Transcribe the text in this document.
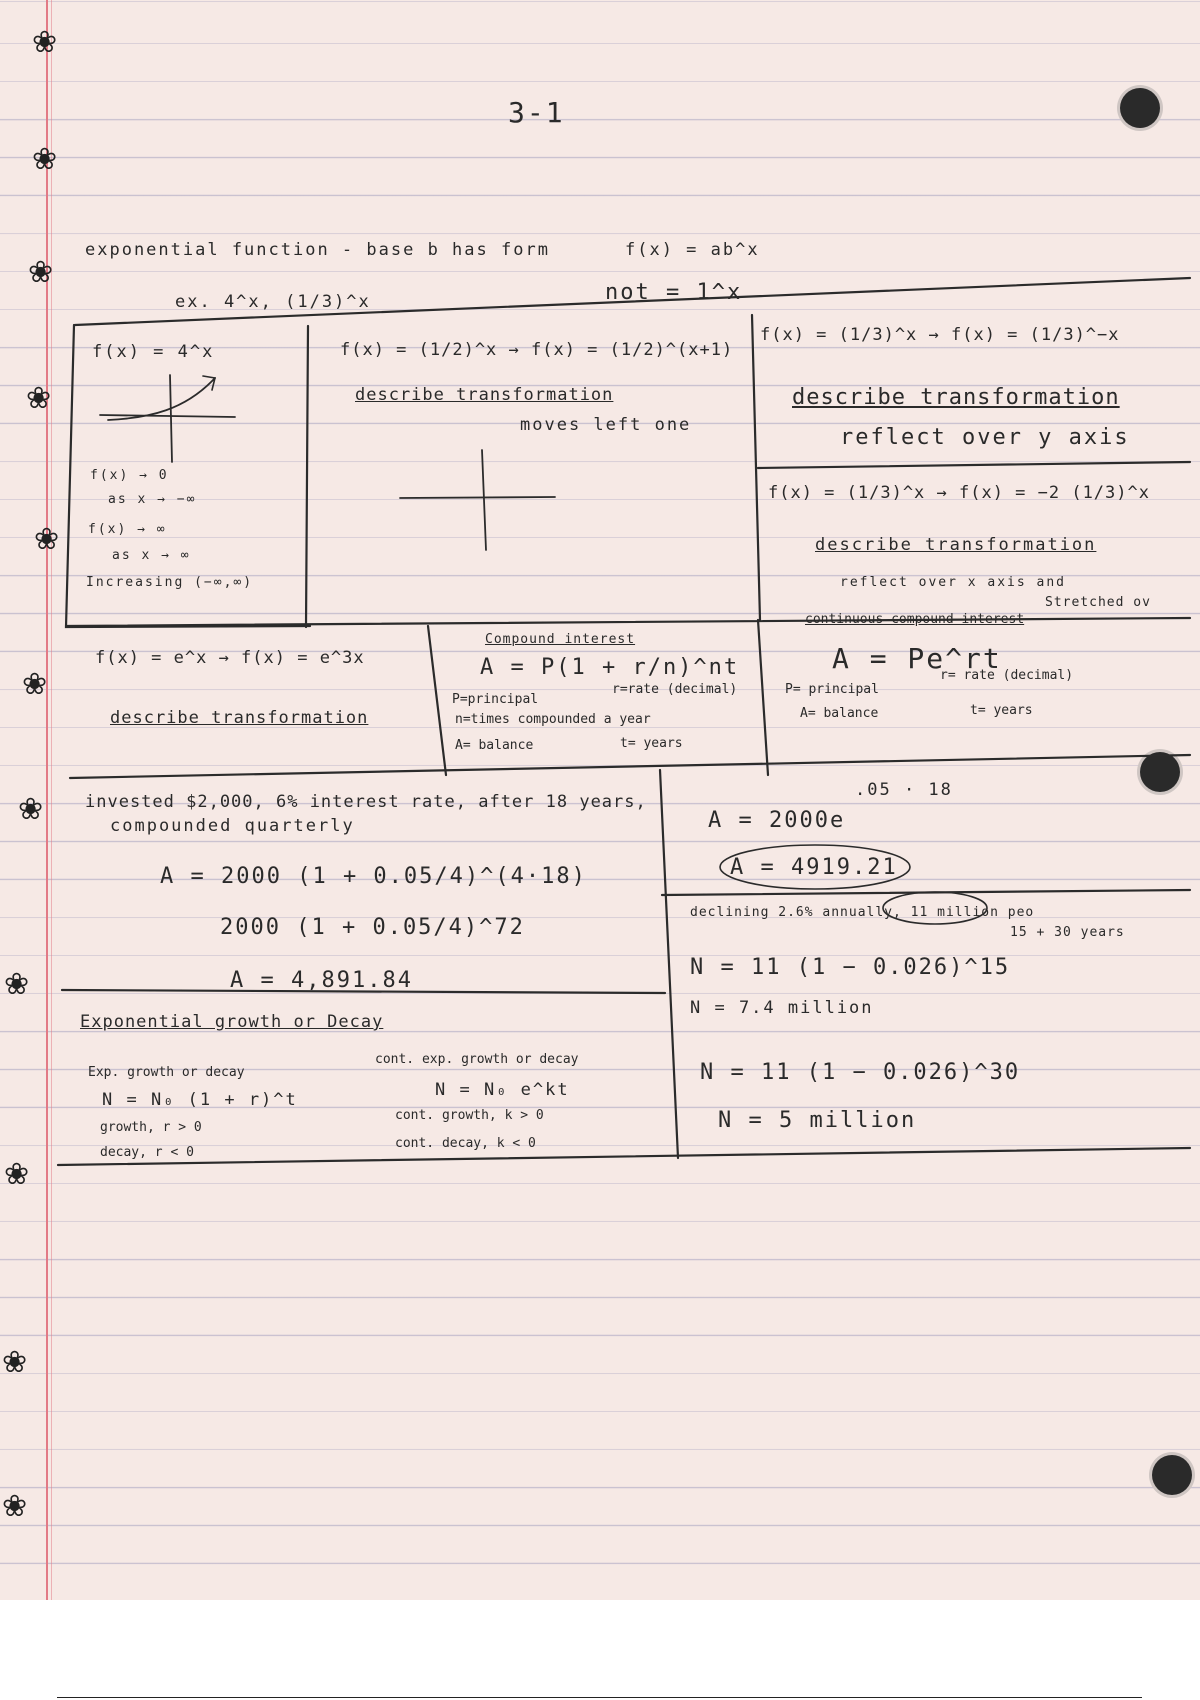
❀
❀
❀
❀
❀
❀
❀
❀
❀
❀
❀
3-1
exponential function - base b has form	f(x) = ab^x
ex. 4^x, (1/3)^x	not = 1^x
f(x) = 4^x
f(x) → 0
as x → −∞
f(x) → ∞
as x → ∞
Increasing (−∞,∞)
f(x) = (1/2)^x → f(x) = (1/2)^(x+1)
describe transformation
moves left one
f(x) = (1/3)^x → f(x) = (1/3)^−x
describe transformation
reflect over y axis
f(x) = (1/3)^x → f(x) = −2 (1/3)^x
describe transformation
reflect over x axis and
Stretched ov
f(x) = e^x → f(x) = e^3x
describe transformation
Compound interest
A = P(1 + r/n)^nt
P=principal
r=rate (decimal)
n=times compounded a year
A= balance	t= years
continuous compound interest
A = Pe^rt
P= principal
r= rate (decimal)
A= balance	t= years
invested $2,000, 6% interest rate, after 18 years,
compounded quarterly
A = 2000 (1 + 0.05/4)^(4·18)
2000 (1 + 0.05/4)^72
A = 4,891.84
.05 · 18
A = 2000e
A = 4919.21
Exponential growth or Decay
Exp. growth or decay
N = N₀ (1 + r)^t
growth, r > 0
decay, r < 0
cont. exp. growth or decay
N = N₀ e^kt
cont. growth, k > 0
cont. decay, k < 0
declining 2.6% annually, 11 million peo
15 + 30 years
N = 11 (1 − 0.026)^15
N = 7.4 million
N = 11 (1 − 0.026)^30
N = 5 million
